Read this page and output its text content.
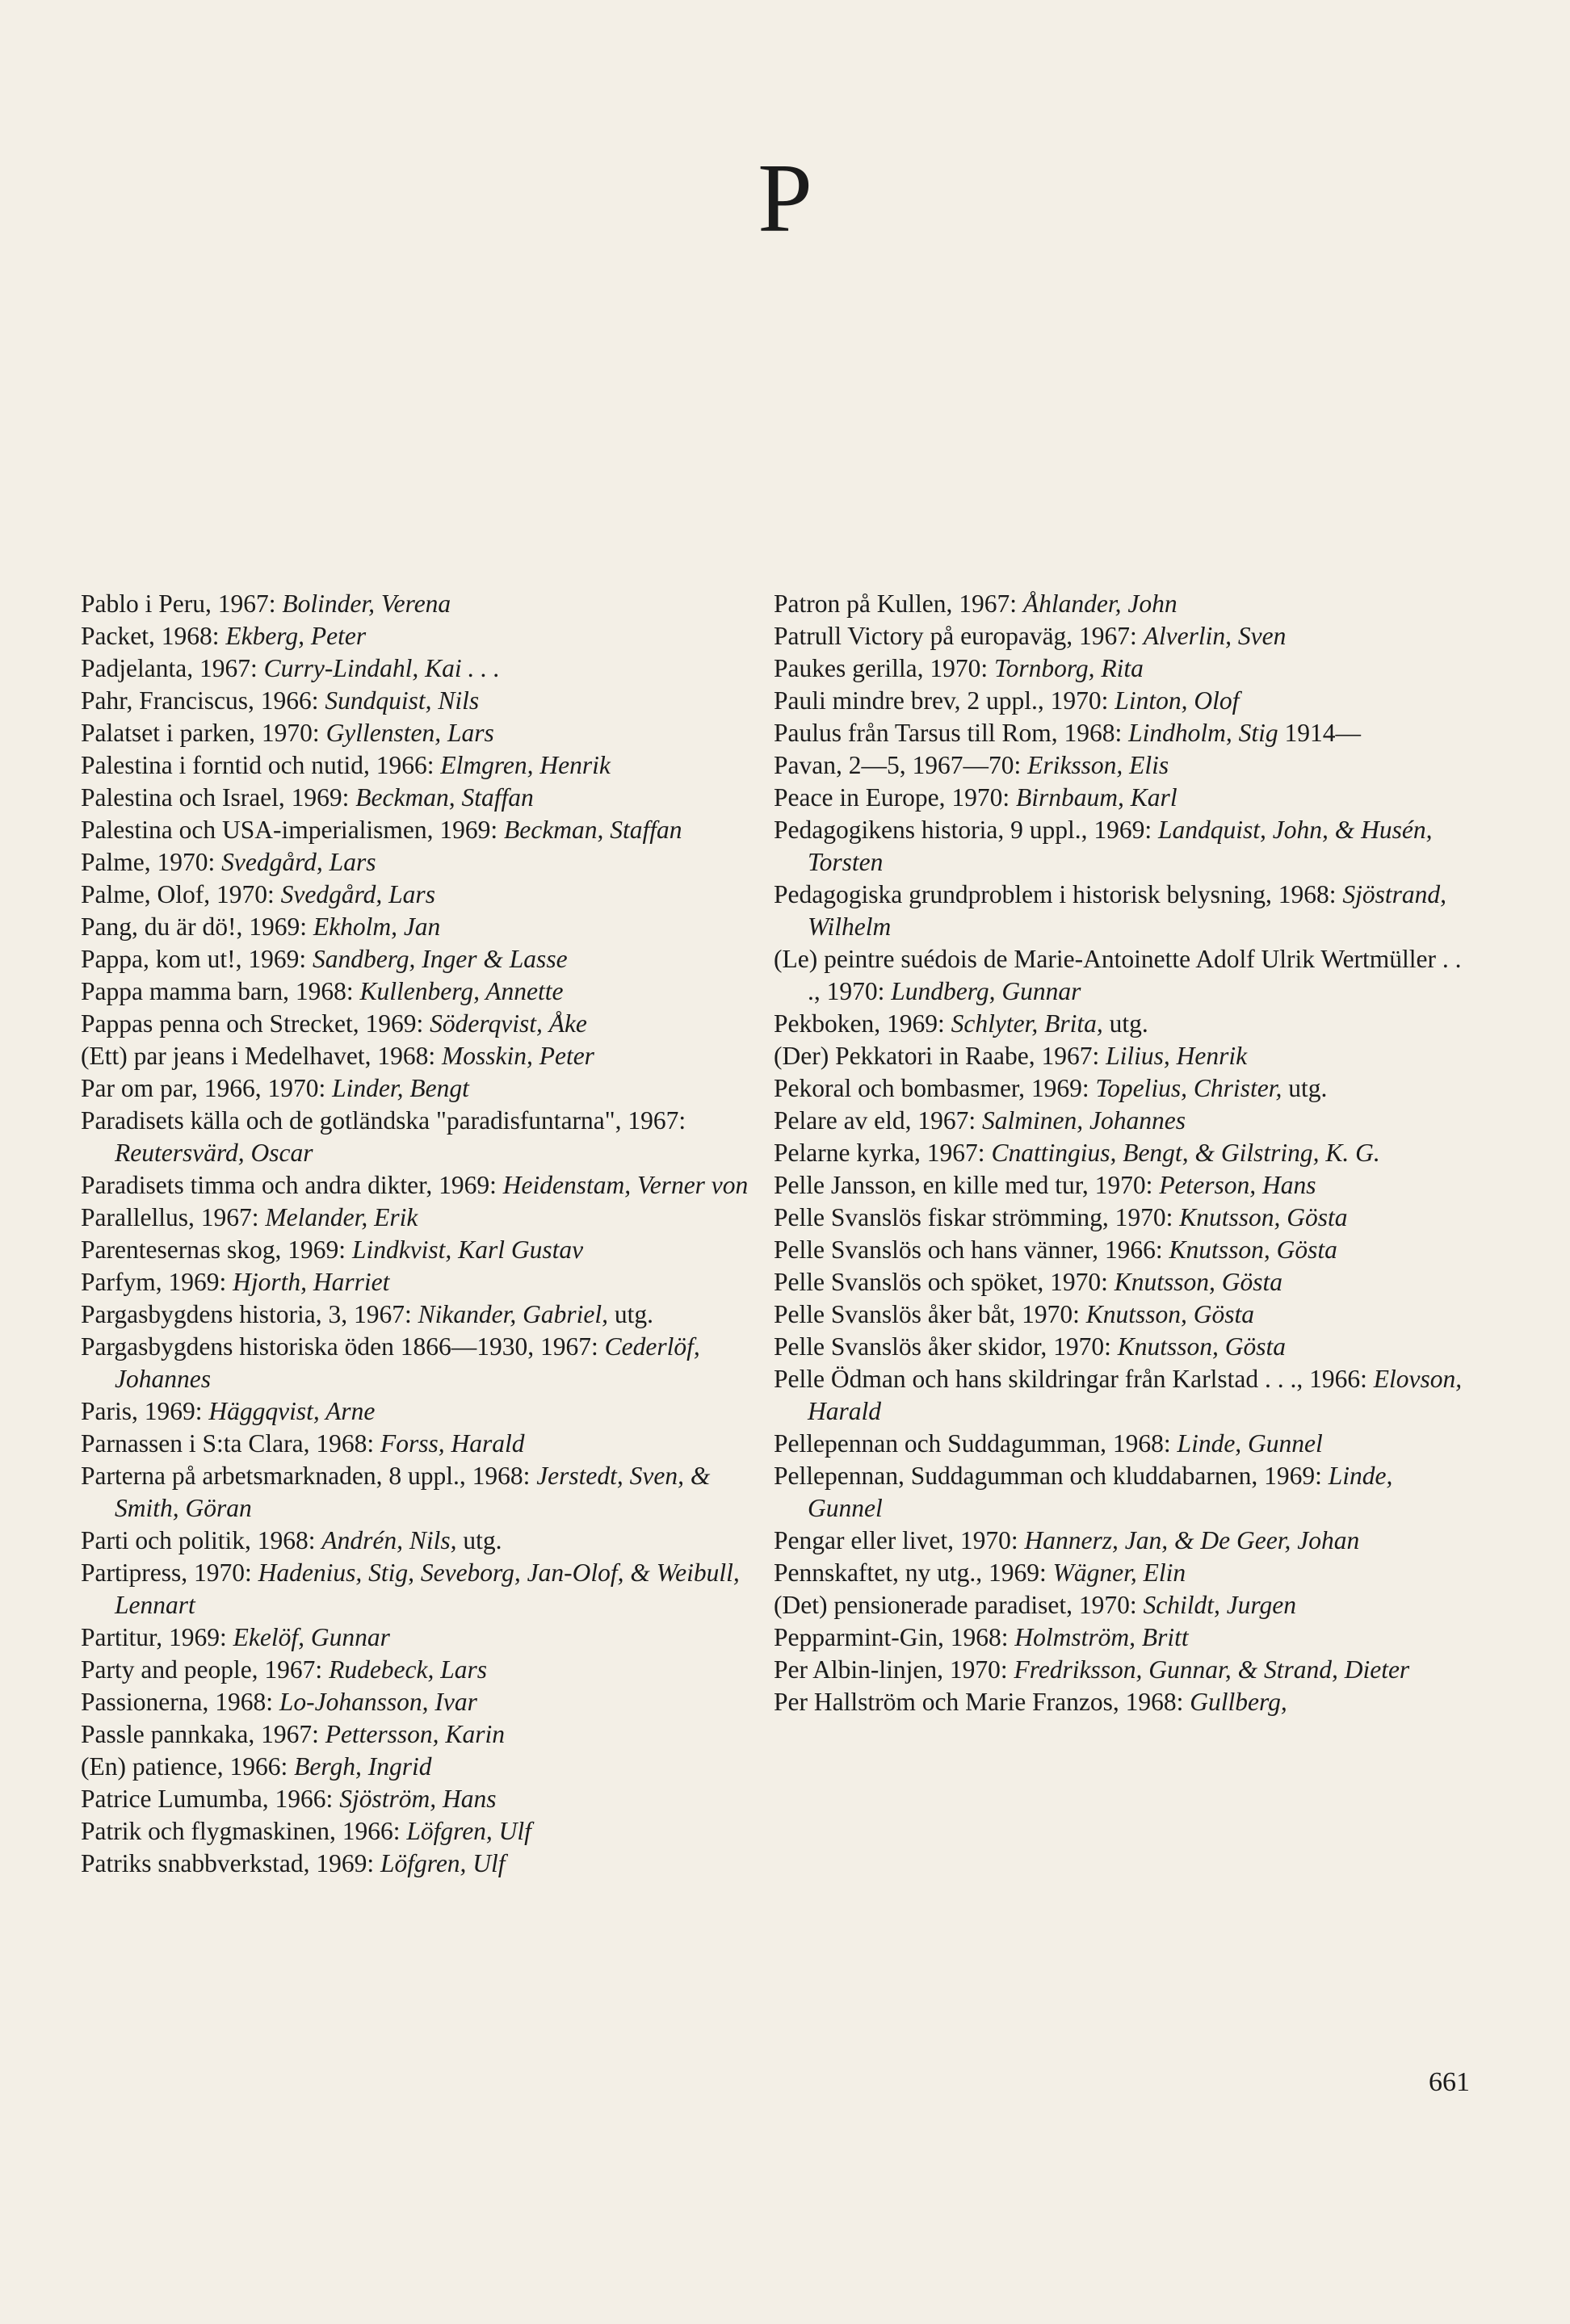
P

Pablo i Peru, 1967: Bolinder, Verena

Packet, 1968: Ekberg, Peter

Padjelanta, 1967: Curry-Lindahl, Kai . . .

Pahr, Franciscus, 1966: Sundquist, Nils

Palatset i parken, 1970: Gyllensten, Lars

Palestina i forntid och nutid, 1966: Elmgren, Henrik

Palestina och Israel, 1969: Beckman, Staffan

Palestina och USA-imperialismen, 1969: Beckman, Staffan

Palme, 1970: Svedgård, Lars

Palme, Olof, 1970: Svedgård, Lars

Pang, du är dö!, 1969: Ekholm, Jan

Pappa, kom ut!, 1969: Sandberg, Inger & Lasse

Pappa mamma barn, 1968: Kullenberg, Annette

Pappas penna och Strecket, 1969: Söderqvist, Åke

(Ett) par jeans i Medelhavet, 1968: Mosskin, Peter

Par om par, 1966, 1970: Linder, Bengt

Paradisets källa och de gotländska "paradisfuntarna", 1967: Reutersvärd, Oscar

Paradisets timma och andra dikter, 1969: Heidenstam, Verner von

Parallellus, 1967: Melander, Erik

Parentesernas skog, 1969: Lindkvist, Karl Gustav

Parfym, 1969: Hjorth, Harriet

Pargasbygdens historia, 3, 1967: Nikander, Gabriel, utg.

Pargasbygdens historiska öden 1866—1930, 1967: Cederlöf, Johannes

Paris, 1969: Häggqvist, Arne

Parnassen i S:ta Clara, 1968: Forss, Harald

Parterna på arbetsmarknaden, 8 uppl., 1968: Jerstedt, Sven, & Smith, Göran

Parti och politik, 1968: Andrén, Nils, utg.

Partipress, 1970: Hadenius, Stig, Seveborg, Jan-Olof, & Weibull, Lennart

Partitur, 1969: Ekelöf, Gunnar

Party and people, 1967: Rudebeck, Lars

Passionerna, 1968: Lo-Johansson, Ivar

Passle pannkaka, 1967: Pettersson, Karin

(En) patience, 1966: Bergh, Ingrid

Patrice Lumumba, 1966: Sjöström, Hans

Patrik och flygmaskinen, 1966: Löfgren, Ulf

Patriks snabbverkstad, 1969: Löfgren, Ulf

Patron på Kullen, 1967: Åhlander, John

Patrull Victory på europaväg, 1967: Alverlin, Sven

Paukes gerilla, 1970: Tornborg, Rita

Pauli mindre brev, 2 uppl., 1970: Linton, Olof

Paulus från Tarsus till Rom, 1968: Lindholm, Stig 1914—

Pavan, 2—5, 1967—70: Eriksson, Elis

Peace in Europe, 1970: Birnbaum, Karl

Pedagogikens historia, 9 uppl., 1969: Landquist, John, & Husén, Torsten

Pedagogiska grundproblem i historisk belysning, 1968: Sjöstrand, Wilhelm

(Le) peintre suédois de Marie-Antoinette Adolf Ulrik Wertmüller . . ., 1970: Lundberg, Gunnar

Pekboken, 1969: Schlyter, Brita, utg.

(Der) Pekkatori in Raabe, 1967: Lilius, Henrik

Pekoral och bombasmer, 1969: Topelius, Christer, utg.

Pelare av eld, 1967: Salminen, Johannes

Pelarne kyrka, 1967: Cnattingius, Bengt, & Gilstring, K. G.

Pelle Jansson, en kille med tur, 1970: Peterson, Hans

Pelle Svanslös fiskar strömming, 1970: Knutsson, Gösta

Pelle Svanslös och hans vänner, 1966: Knutsson, Gösta

Pelle Svanslös och spöket, 1970: Knutsson, Gösta

Pelle Svanslös åker båt, 1970: Knutsson, Gösta

Pelle Svanslös åker skidor, 1970: Knutsson, Gösta

Pelle Ödman och hans skildringar från Karlstad . . ., 1966: Elovson, Harald

Pellepennan och Suddagumman, 1968: Linde, Gunnel

Pellepennan, Suddagumman och kluddabarnen, 1969: Linde, Gunnel

Pengar eller livet, 1970: Hannerz, Jan, & De Geer, Johan

Pennskaftet, ny utg., 1969: Wägner, Elin

(Det) pensionerade paradiset, 1970: Schildt, Jurgen

Pepparmint-Gin, 1968: Holmström, Britt

Per Albin-linjen, 1970: Fredriksson, Gunnar, & Strand, Dieter

Per Hallström och Marie Franzos, 1968: Gullberg,

661
